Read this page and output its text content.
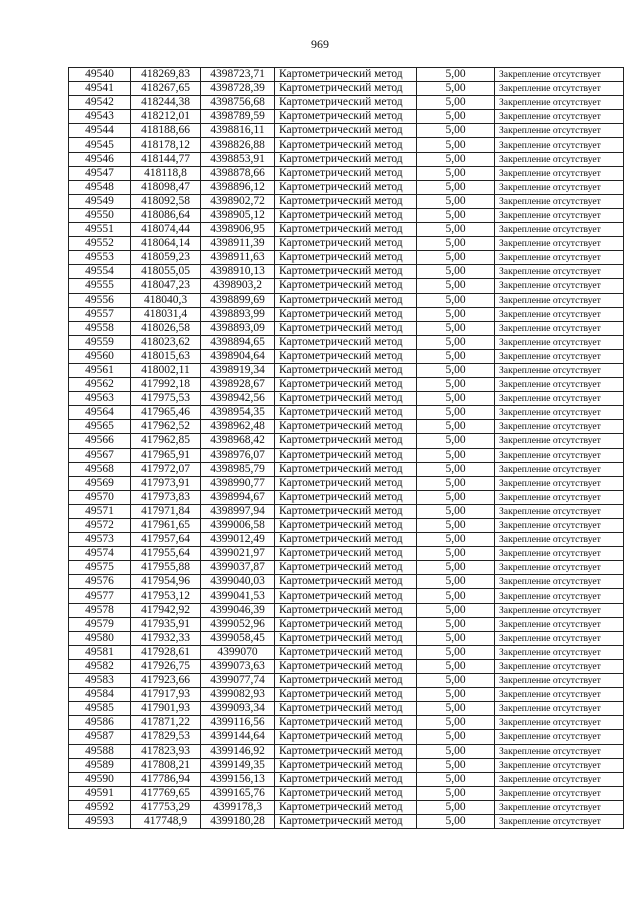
969
49540	418269,83	4398723,71	Картометрический метод	5,00	Закрепление отсутствует
49541	418267,65	4398728,39	Картометрический метод	5,00	Закрепление отсутствует
49542	418244,38	4398756,68	Картометрический метод	5,00	Закрепление отсутствует
49543	418212,01	4398789,59	Картометрический метод	5,00	Закрепление отсутствует
49544	418188,66	4398816,11	Картометрический метод	5,00	Закрепление отсутствует
49545	418178,12	4398826,88	Картометрический метод	5,00	Закрепление отсутствует
49546	418144,77	4398853,91	Картометрический метод	5,00	Закрепление отсутствует
49547	418118,8	4398878,66	Картометрический метод	5,00	Закрепление отсутствует
49548	418098,47	4398896,12	Картометрический метод	5,00	Закрепление отсутствует
49549	418092,58	4398902,72	Картометрический метод	5,00	Закрепление отсутствует
49550	418086,64	4398905,12	Картометрический метод	5,00	Закрепление отсутствует
49551	418074,44	4398906,95	Картометрический метод	5,00	Закрепление отсутствует
49552	418064,14	4398911,39	Картометрический метод	5,00	Закрепление отсутствует
49553	418059,23	4398911,63	Картометрический метод	5,00	Закрепление отсутствует
49554	418055,05	4398910,13	Картометрический метод	5,00	Закрепление отсутствует
49555	418047,23	4398903,2	Картометрический метод	5,00	Закрепление отсутствует
49556	418040,3	4398899,69	Картометрический метод	5,00	Закрепление отсутствует
49557	418031,4	4398893,99	Картометрический метод	5,00	Закрепление отсутствует
49558	418026,58	4398893,09	Картометрический метод	5,00	Закрепление отсутствует
49559	418023,62	4398894,65	Картометрический метод	5,00	Закрепление отсутствует
49560	418015,63	4398904,64	Картометрический метод	5,00	Закрепление отсутствует
49561	418002,11	4398919,34	Картометрический метод	5,00	Закрепление отсутствует
49562	417992,18	4398928,67	Картометрический метод	5,00	Закрепление отсутствует
49563	417975,53	4398942,56	Картометрический метод	5,00	Закрепление отсутствует
49564	417965,46	4398954,35	Картометрический метод	5,00	Закрепление отсутствует
49565	417962,52	4398962,48	Картометрический метод	5,00	Закрепление отсутствует
49566	417962,85	4398968,42	Картометрический метод	5,00	Закрепление отсутствует
49567	417965,91	4398976,07	Картометрический метод	5,00	Закрепление отсутствует
49568	417972,07	4398985,79	Картометрический метод	5,00	Закрепление отсутствует
49569	417973,91	4398990,77	Картометрический метод	5,00	Закрепление отсутствует
49570	417973,83	4398994,67	Картометрический метод	5,00	Закрепление отсутствует
49571	417971,84	4398997,94	Картометрический метод	5,00	Закрепление отсутствует
49572	417961,65	4399006,58	Картометрический метод	5,00	Закрепление отсутствует
49573	417957,64	4399012,49	Картометрический метод	5,00	Закрепление отсутствует
49574	417955,64	4399021,97	Картометрический метод	5,00	Закрепление отсутствует
49575	417955,88	4399037,87	Картометрический метод	5,00	Закрепление отсутствует
49576	417954,96	4399040,03	Картометрический метод	5,00	Закрепление отсутствует
49577	417953,12	4399041,53	Картометрический метод	5,00	Закрепление отсутствует
49578	417942,92	4399046,39	Картометрический метод	5,00	Закрепление отсутствует
49579	417935,91	4399052,96	Картометрический метод	5,00	Закрепление отсутствует
49580	417932,33	4399058,45	Картометрический метод	5,00	Закрепление отсутствует
49581	417928,61	4399070	Картометрический метод	5,00	Закрепление отсутствует
49582	417926,75	4399073,63	Картометрический метод	5,00	Закрепление отсутствует
49583	417923,66	4399077,74	Картометрический метод	5,00	Закрепление отсутствует
49584	417917,93	4399082,93	Картометрический метод	5,00	Закрепление отсутствует
49585	417901,93	4399093,34	Картометрический метод	5,00	Закрепление отсутствует
49586	417871,22	4399116,56	Картометрический метод	5,00	Закрепление отсутствует
49587	417829,53	4399144,64	Картометрический метод	5,00	Закрепление отсутствует
49588	417823,93	4399146,92	Картометрический метод	5,00	Закрепление отсутствует
49589	417808,21	4399149,35	Картометрический метод	5,00	Закрепление отсутствует
49590	417786,94	4399156,13	Картометрический метод	5,00	Закрепление отсутствует
49591	417769,65	4399165,76	Картометрический метод	5,00	Закрепление отсутствует
49592	417753,29	4399178,3	Картометрический метод	5,00	Закрепление отсутствует
49593	417748,9	4399180,28	Картометрический метод	5,00	Закрепление отсутствует
